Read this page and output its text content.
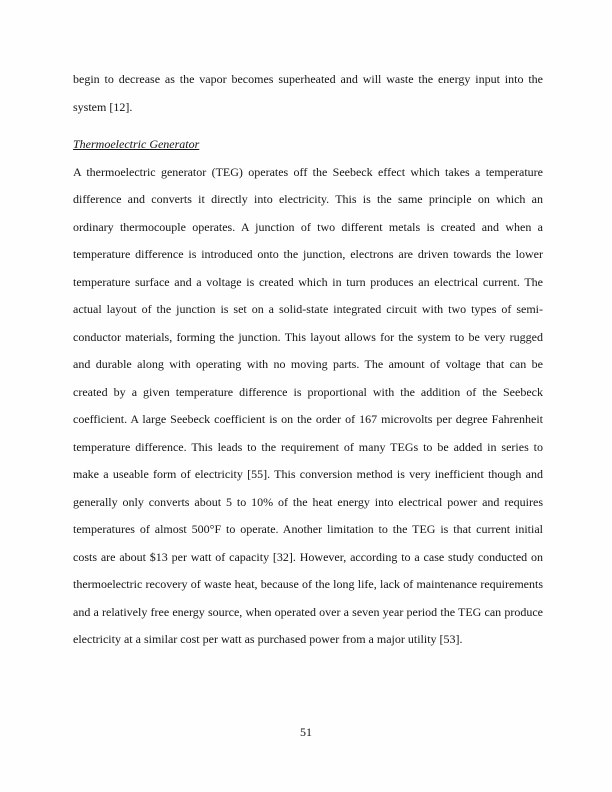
begin to decrease as the vapor becomes superheated and will waste the energy input into the
system [12].
Thermoelectric Generator
A thermoelectric generator (TEG) operates off the Seebeck effect which takes a temperature
difference and converts it directly into electricity. This is the same principle on which an
ordinary thermocouple operates. A junction of two different metals is created and when a
temperature difference is introduced onto the junction, electrons are driven towards the lower
temperature surface and a voltage is created which in turn produces an electrical current. The
actual layout of the junction is set on a solid-state integrated circuit with two types of semi-
conductor materials, forming the junction. This layout allows for the system to be very rugged
and durable along with operating with no moving parts. The amount of voltage that can be
created by a given temperature difference is proportional with the addition of the Seebeck
coefficient. A large Seebeck coefficient is on the order of 167 microvolts per degree Fahrenheit
temperature difference. This leads to the requirement of many TEGs to be added in series to
make a useable form of electricity [55]. This conversion method is very inefficient though and
generally only converts about 5 to 10% of the heat energy into electrical power and requires
temperatures of almost 500°F to operate. Another limitation to the TEG is that current initial
costs are about $13 per watt of capacity [32]. However, according to a case study conducted on
thermoelectric recovery of waste heat, because of the long life, lack of maintenance requirements
and a relatively free energy source, when operated over a seven year period the TEG can produce
electricity at a similar cost per watt as purchased power from a major utility [53].
51
